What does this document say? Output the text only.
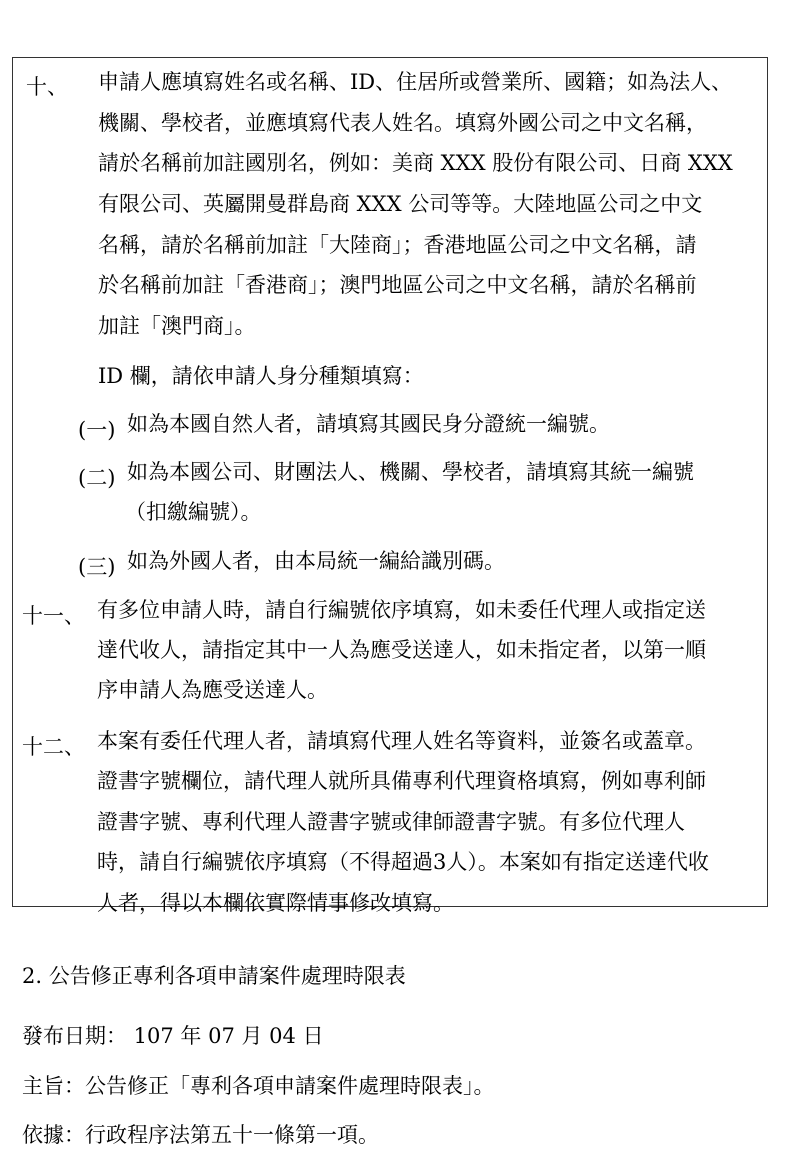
十、 申請人應填寫姓名或名稱、ID、住居所或營業所、國籍；如為法人、
機關、學校者，並應填寫代表人姓名。填寫外國公司之中文名稱，
請於名稱前加註國別名，例如：美商 XXX 股份有限公司、日商 XXX
有限公司、英屬開曼群島商 XXX 公司等等。大陸地區公司之中文
名稱，請於名稱前加註「大陸商」；香港地區公司之中文名稱，請
於名稱前加註「香港商」；澳門地區公司之中文名稱，請於名稱前
加註「澳門商」。
ID 欄，請依申請人身分種類填寫：
(一) 如為本國自然人者，請填寫其國民身分證統一編號。
(二) 如為本國公司、財團法人、機關、學校者，請填寫其統一編號
（扣繳編號）。
(三) 如為外國人者，由本局統一編給識別碼。
十一、 有多位申請人時，請自行編號依序填寫，如未委任代理人或指定送
達代收人，請指定其中一人為應受送達人，如未指定者，以第一順
序申請人為應受送達人。
十二、 本案有委任代理人者，請填寫代理人姓名等資料，並簽名或蓋章。
證書字號欄位，請代理人就所具備專利代理資格填寫，例如專利師
證書字號、專利代理人證書字號或律師證書字號。有多位代理人
時，請自行編號依序填寫（不得超過3人）。本案如有指定送達代收
人者，得以本欄依實際情事修改填寫。
2. 公告修正專利各項申請案件處理時限表
發布日期： 107 年 07 月 04 日
主旨：公告修正「專利各項申請案件處理時限表」。
依據：行政程序法第五十一條第一項。
